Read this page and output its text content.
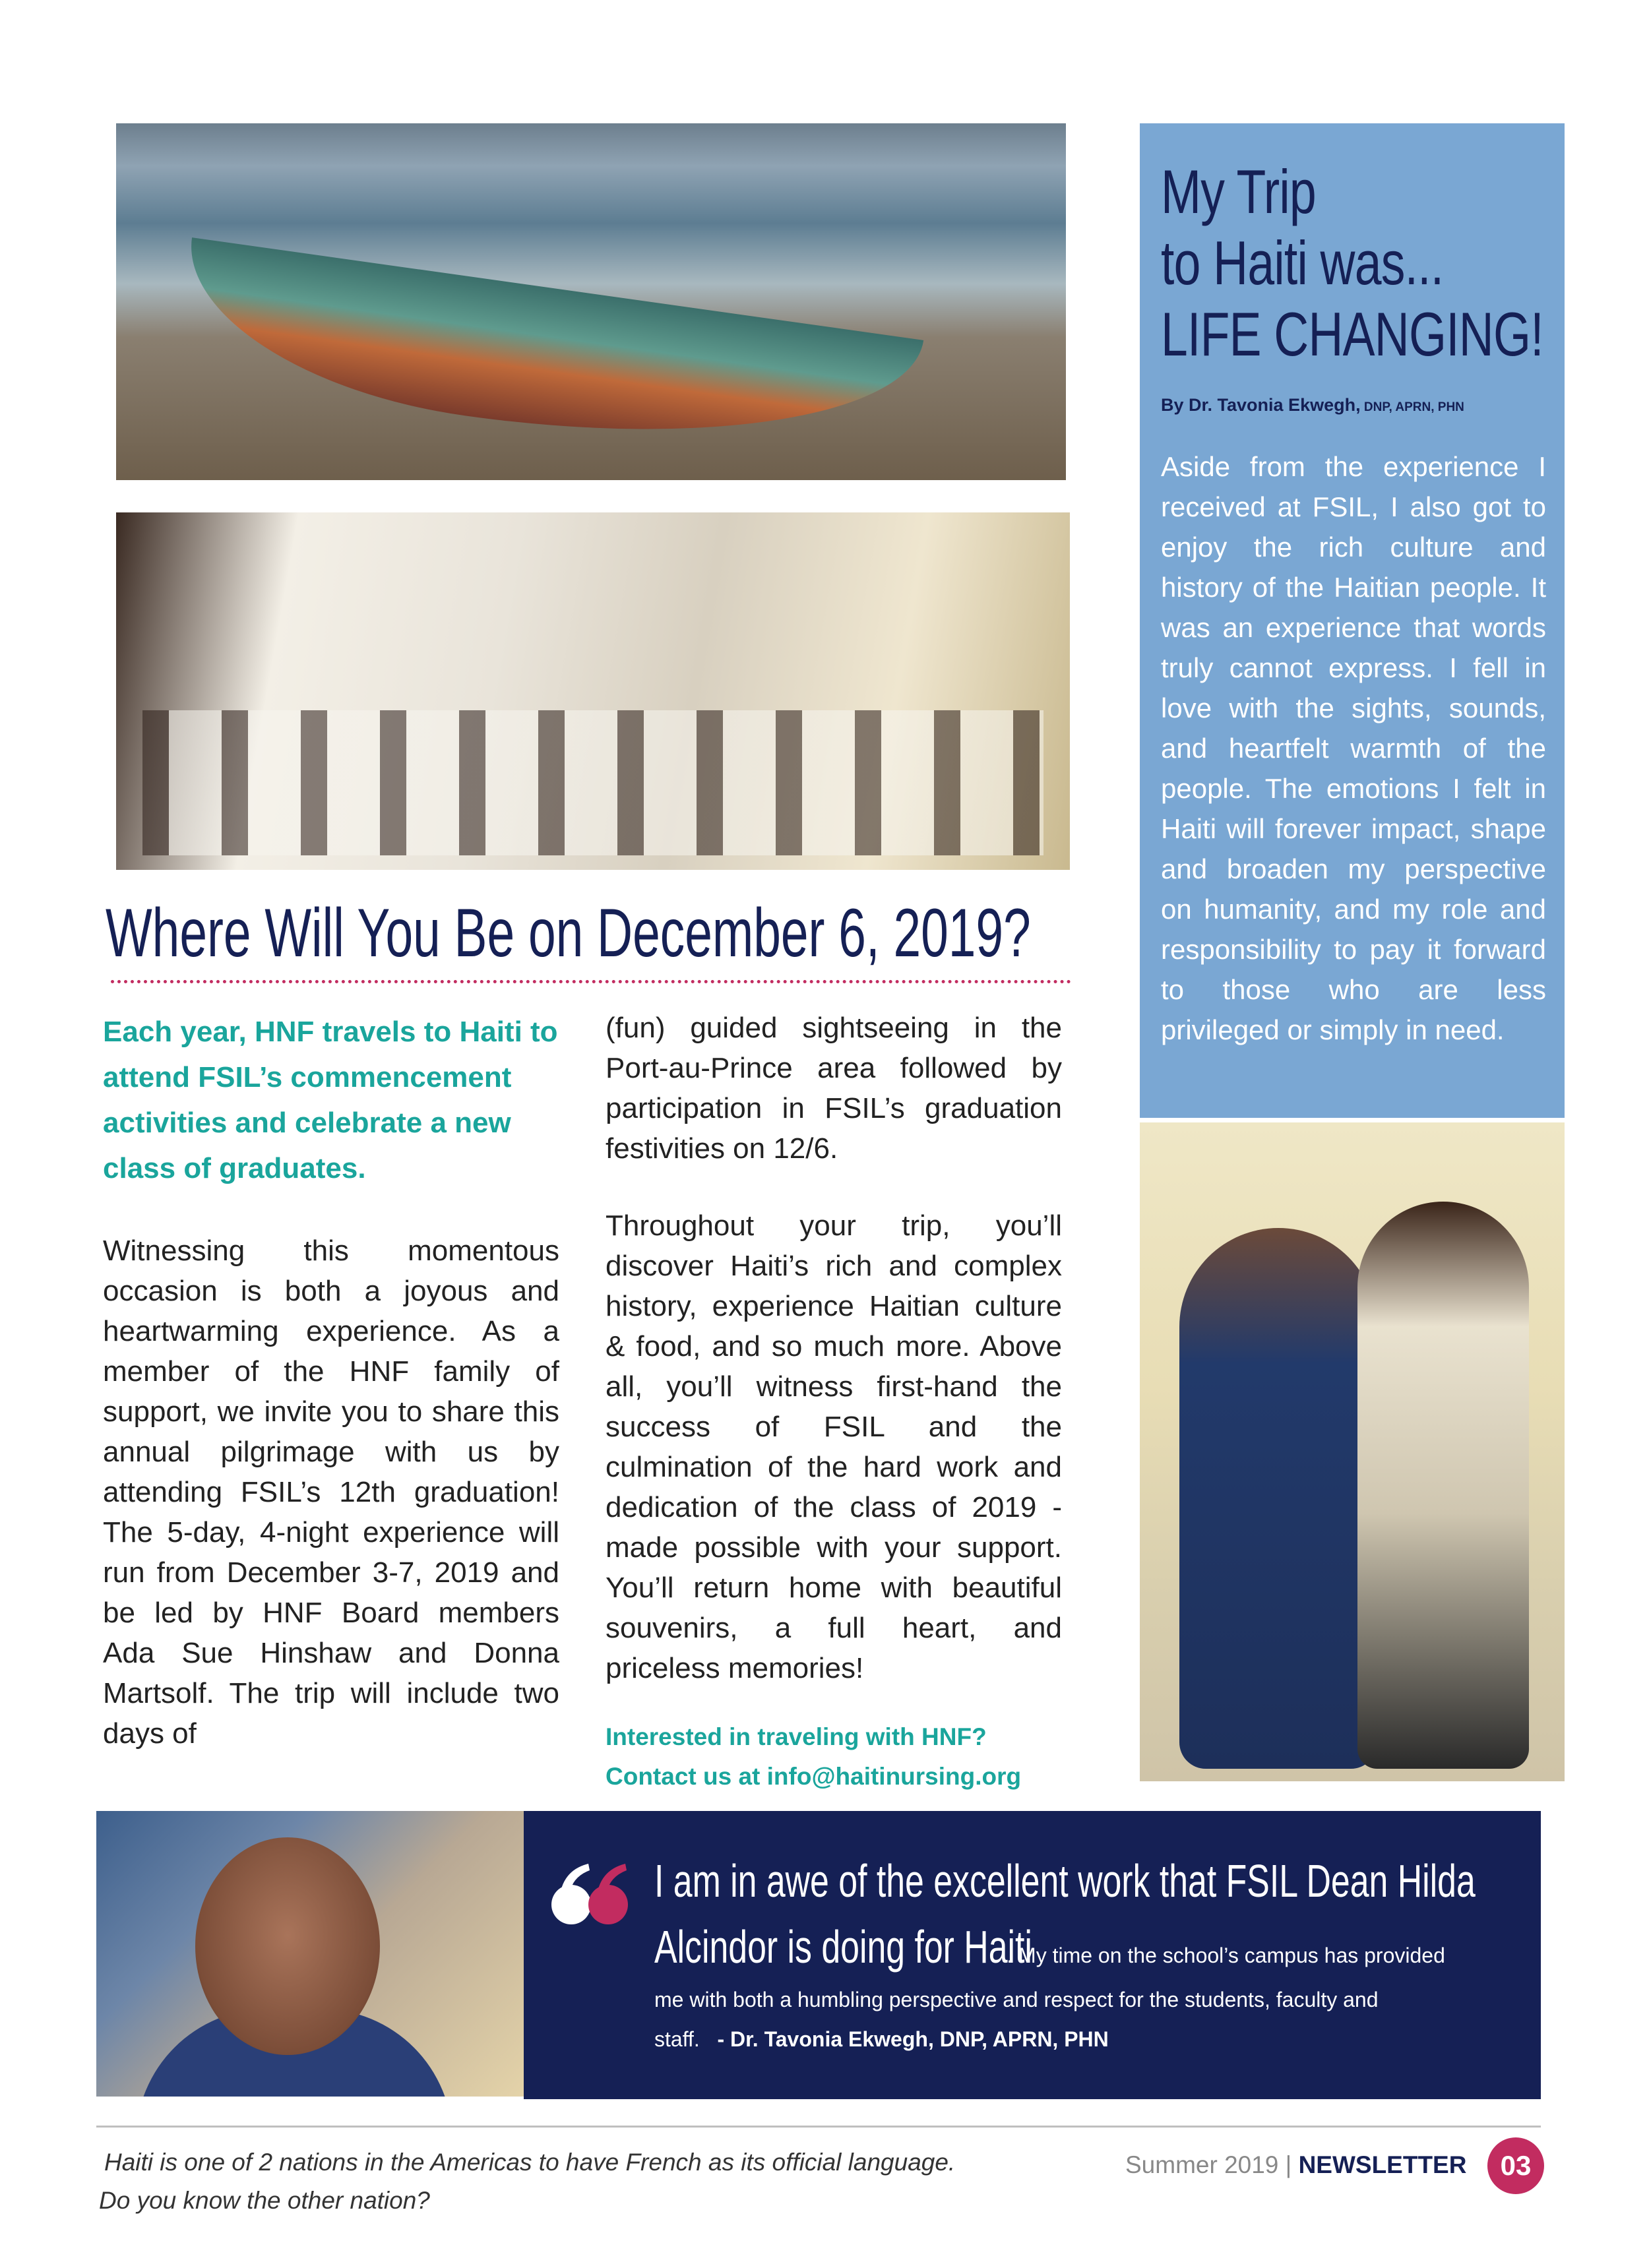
My Trip
to Haiti was...
LIFE CHANGING!
By Dr. Tavonia Ekwegh, DNP, APRN, PHN
Aside from the experience I received at FSIL, I also got to enjoy the rich culture and history of the Haitian people. It was an experience that words truly cannot express. I fell in love with the sights, sounds, and heartfelt warmth of the people. The emotions I felt in Haiti will forever impact, shape and broaden my perspective on humanity, and my role and responsibility to pay it forward to those who are less privileged or simply in need.
Where Will You Be on December 6, 2019?

Each year, HNF travels to Haiti to attend FSIL’s commencement activities and celebrate a new class of graduates.

Witnessing this momentous occasion is both a joyous and heartwarming experience. As a member of the HNF family of support, we invite you to share this annual pilgrimage with us by attending FSIL’s 12th graduation! The 5-day, 4-night experience will run from December 3-7, 2019 and be led by HNF Board members Ada Sue Hinshaw and Donna Martsolf. The trip will include two days of

(fun) guided sightseeing in the Port-au-Prince area followed by participation in FSIL’s graduation festivities on 12/6.

Throughout your trip, you’ll discover Haiti’s rich and complex history, experience Haitian culture & food, and so much more. Above all, you’ll witness first-hand the success of FSIL and the culmination of the hard work and dedication of the class of 2019 - made possible with your support. You’ll return home with beautiful souvenirs, a full heart, and priceless memories!

Interested in traveling with HNF?
Contact us at info@haitinursing.org
I am in awe of the excellent work that FSIL Dean Hilda
Alcindor is doing for Haiti. My time on the school’s campus has provided
me with both a humbling perspective and respect for the students, faculty and
staff. - Dr. Tavonia Ekwegh, DNP, APRN, PHN
Haiti is one of 2 nations in the Americas to have French as its official language.
Do you know the other nation?
Summer 2019 | NEWSLETTER	03
